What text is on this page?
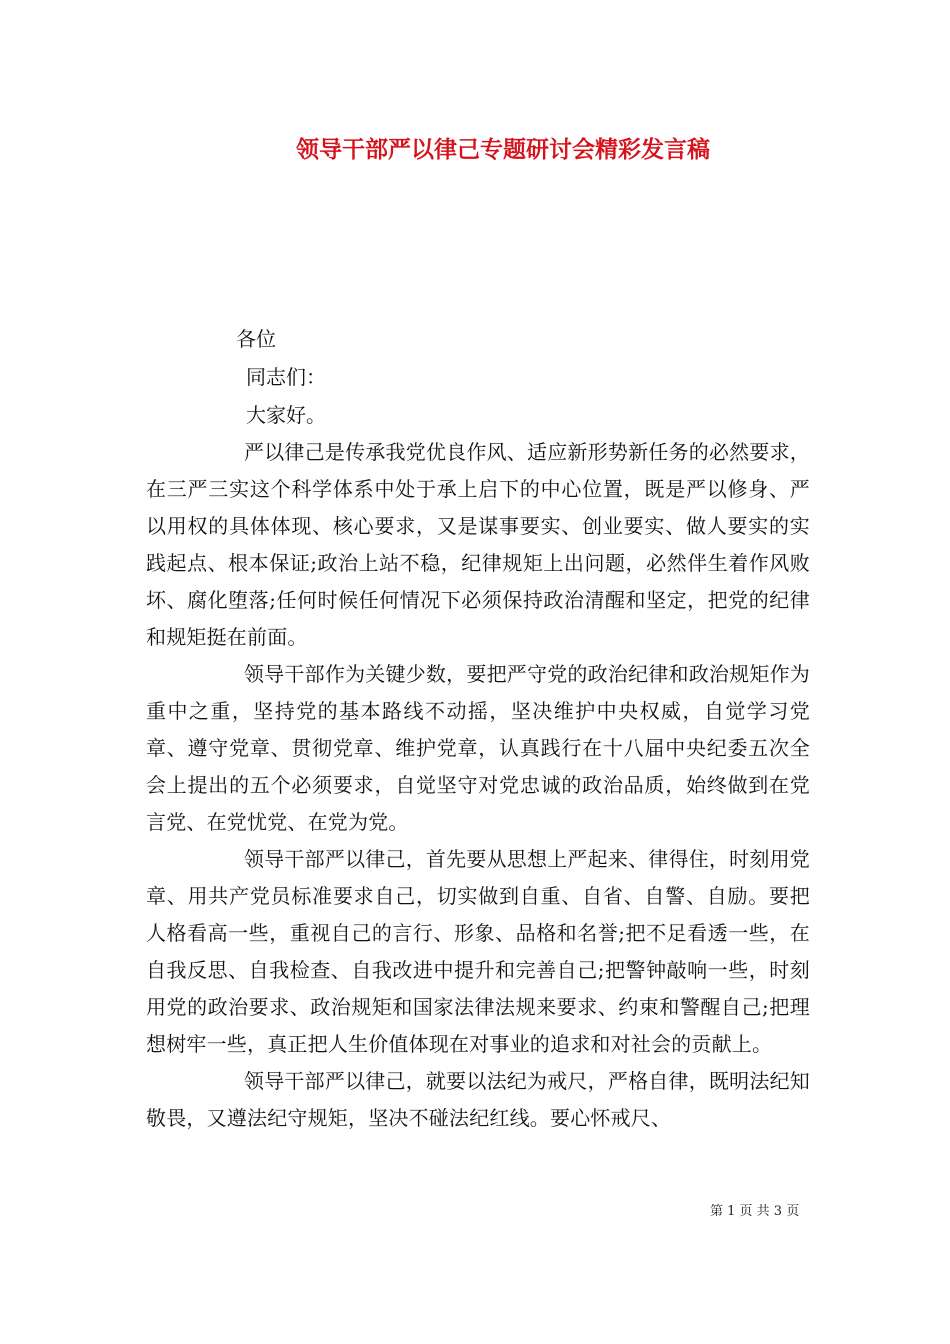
领导干部严以律己专题研讨会精彩发言稿

各位

同志们：

大家好。

严以律己是传承我党优良作风、适应新形势新任务的必然要求，在三严三实这个科学体系中处于承上启下的中心位置，既是严以修身、严以用权的具体体现、核心要求，又是谋事要实、创业要实、做人要实的实践起点、根本保证;政治上站不稳，纪律规矩上出问题，必然伴生着作风败坏、腐化堕落;任何时候任何情况下必须保持政治清醒和坚定，把党的纪律和规矩挺在前面。

领导干部作为关键少数，要把严守党的政治纪律和政治规矩作为重中之重，坚持党的基本路线不动摇，坚决维护中央权威，自觉学习党章、遵守党章、贯彻党章、维护党章，认真践行在十八届中央纪委五次全会上提出的五个必须要求，自觉坚守对党忠诚的政治品质，始终做到在党言党、在党忧党、在党为党。

领导干部严以律己，首先要从思想上严起来、律得住，时刻用党章、用共产党员标准要求自己，切实做到自重、自省、自警、自励。要把人格看高一些，重视自己的言行、形象、品格和名誉;把不足看透一些，在自我反思、自我检查、自我改进中提升和完善自己;把警钟敲响一些，时刻用党的政治要求、政治规矩和国家法律法规来要求、约束和警醒自己;把理想树牢一些，真正把人生价值体现在对事业的追求和对社会的贡献上。

领导干部严以律己，就要以法纪为戒尺，严格自律，既明法纪知敬畏，又遵法纪守规矩，坚决不碰法纪红线。要心怀戒尺、

第 1 页 共 3 页
